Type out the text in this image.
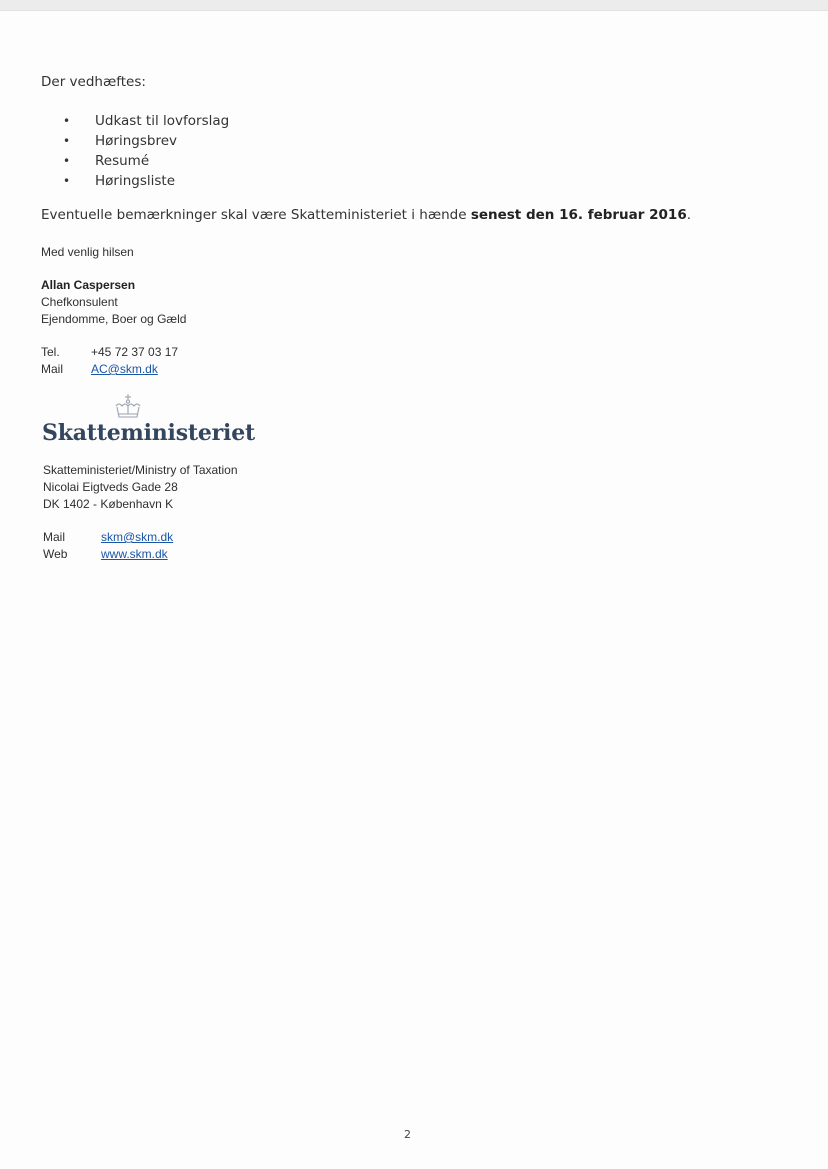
Der vedhæftes:
• Udkast til lovforslag
• Høringsbrev
• Resumé
• Høringsliste
Eventuelle bemærkninger skal være Skatteministeriet i hænde senest den 16. februar 2016.
Med venlig hilsen
Allan Caspersen
Chefkonsulent
Ejendomme, Boer og Gæld
Tel.	+45 72 37 03 17
Mail AC@skm.dk
Skatteministeriet
Skatteministeriet/Ministry of Taxation
Nicolai Eigtveds Gade 28
DK 1402 - København K
Mail	skm@skm.dk
Web	www.skm.dk
2
